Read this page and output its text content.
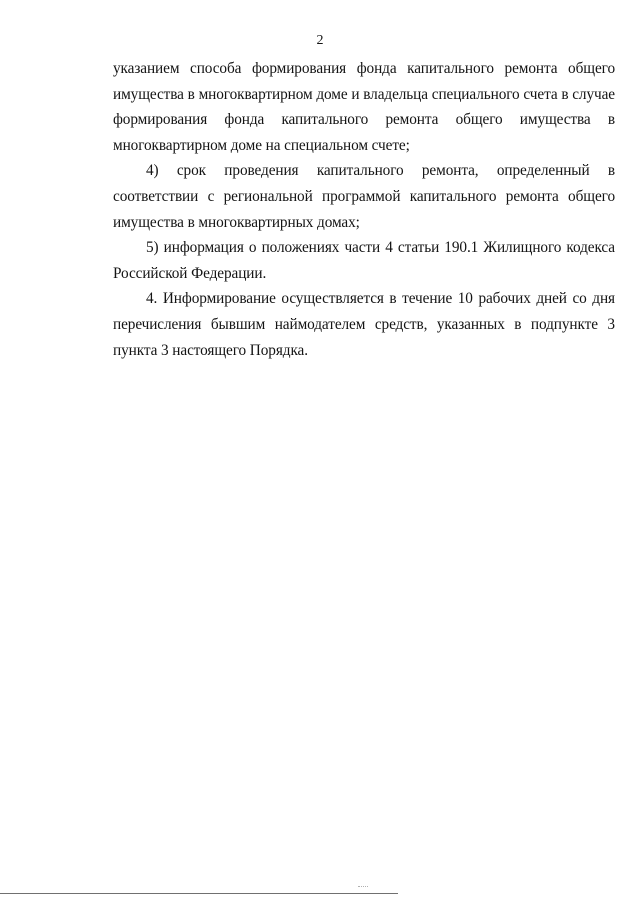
2

указанием способа формирования фонда капитального ремонта общего
имущества в многоквартирном доме и владельца специального счета в случае
формирования фонда капитального ремонта общего имущества в
многоквартирном доме на специальном счете;

4) срок проведения капитального ремонта, определенный в
соответствии с региональной программой капитального ремонта общего
имущества в многоквартирных домах;

5) информация о положениях части 4 статьи 190.1 Жилищного кодекса
Российской Федерации.

4. Информирование осуществляется в течение 10 рабочих дней со дня
перечисления бывшим наймодателем средств, указанных в подпункте 3
пункта 3 настоящего Порядка.
